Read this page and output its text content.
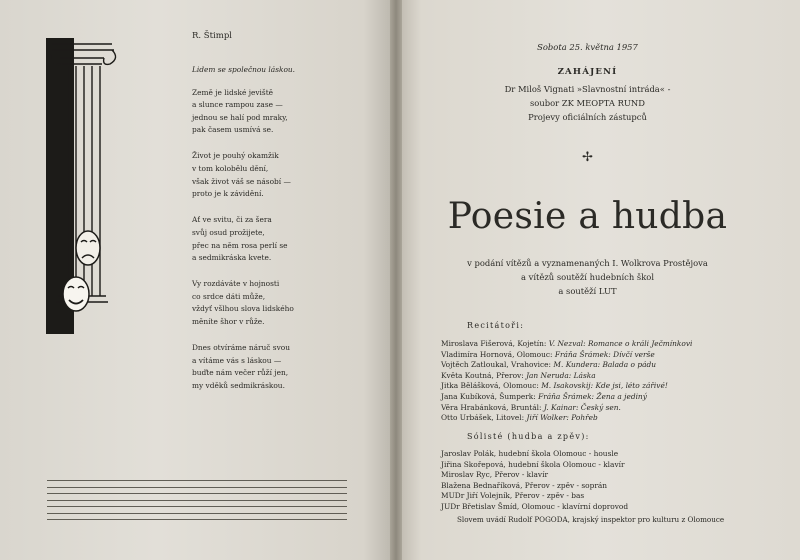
R. Štimpl
Lidem se společnou láskou.
Země je lidské jeviště
a slunce rampou zase —
jednou se halí pod mraky,
pak časem usmívá se.
Život je pouhý okamžik
v tom kolobělu dění,
však život váš se násobí —
proto je k závidění.
Ať ve svitu, či za šera
svůj osud prožijete,
přec na něm rosa perlí se
a sedmikráska kvete.
Vy rozdáváte v hojnosti
co srdce dáti může,
vždyť všlhou slova lidského
měníte šhor v růže.
Dnes otvíráme náruč svou
a vítáme vás s láskou —
buďte nám večer růží jen,
my vděků sedmikráskou.
Sobota 25. května 1957
ZAHÁJENÍ
Dr Miloš Vignati »Slavnostní intráda« -
soubor ZK MEOPTA RUND
Projevy oficiálních zástupců
✢
Poesie a hudba
v podání vítězů a vyznamenaných I. Wolkrova Prostějova
a vítězů soutěží hudebních škol
a soutěží LUT
Recitátoři:
Miroslava Fišerová, Kojetín: V. Nezval: Romance o králi Ječmínkovi
Vladimíra Hornová, Olomouc: Fráňa Šrámek: Dívčí verše
Vojtěch Zatloukal, Vrahovice: M. Kundera: Balada o pádu
Květa Koutná, Přerov: Jan Neruda: Láska
Jitka Bělášková, Olomouc: M. Isakovskij: Kde jsi, léto zářivé!
Jana Kubíková, Šumperk: Fráňa Šrámek: Žena a jediný
Věra Hrabánková, Bruntál: J. Kainar: Český sen.
Otto Urbášek, Litovel: Jiří Wolker: Pohřeb
Sólisté (hudba a zpěv):
Jaroslav Polák, hudební škola Olomouc - housle
Jiřina Skořepová, hudební škola Olomouc - klavír
Miroslav Ryc, Přerov - klavír
Blažena Bednaříková, Přerov - zpěv - soprán
MUDr Jiří Volejník, Přerov - zpěv - bas
JUDr Břetislav Šmíd, Olomouc - klavírní doprovod
Slovem uvádí Rudolf POGODA, krajský inspektor pro kulturu z Olomouce
